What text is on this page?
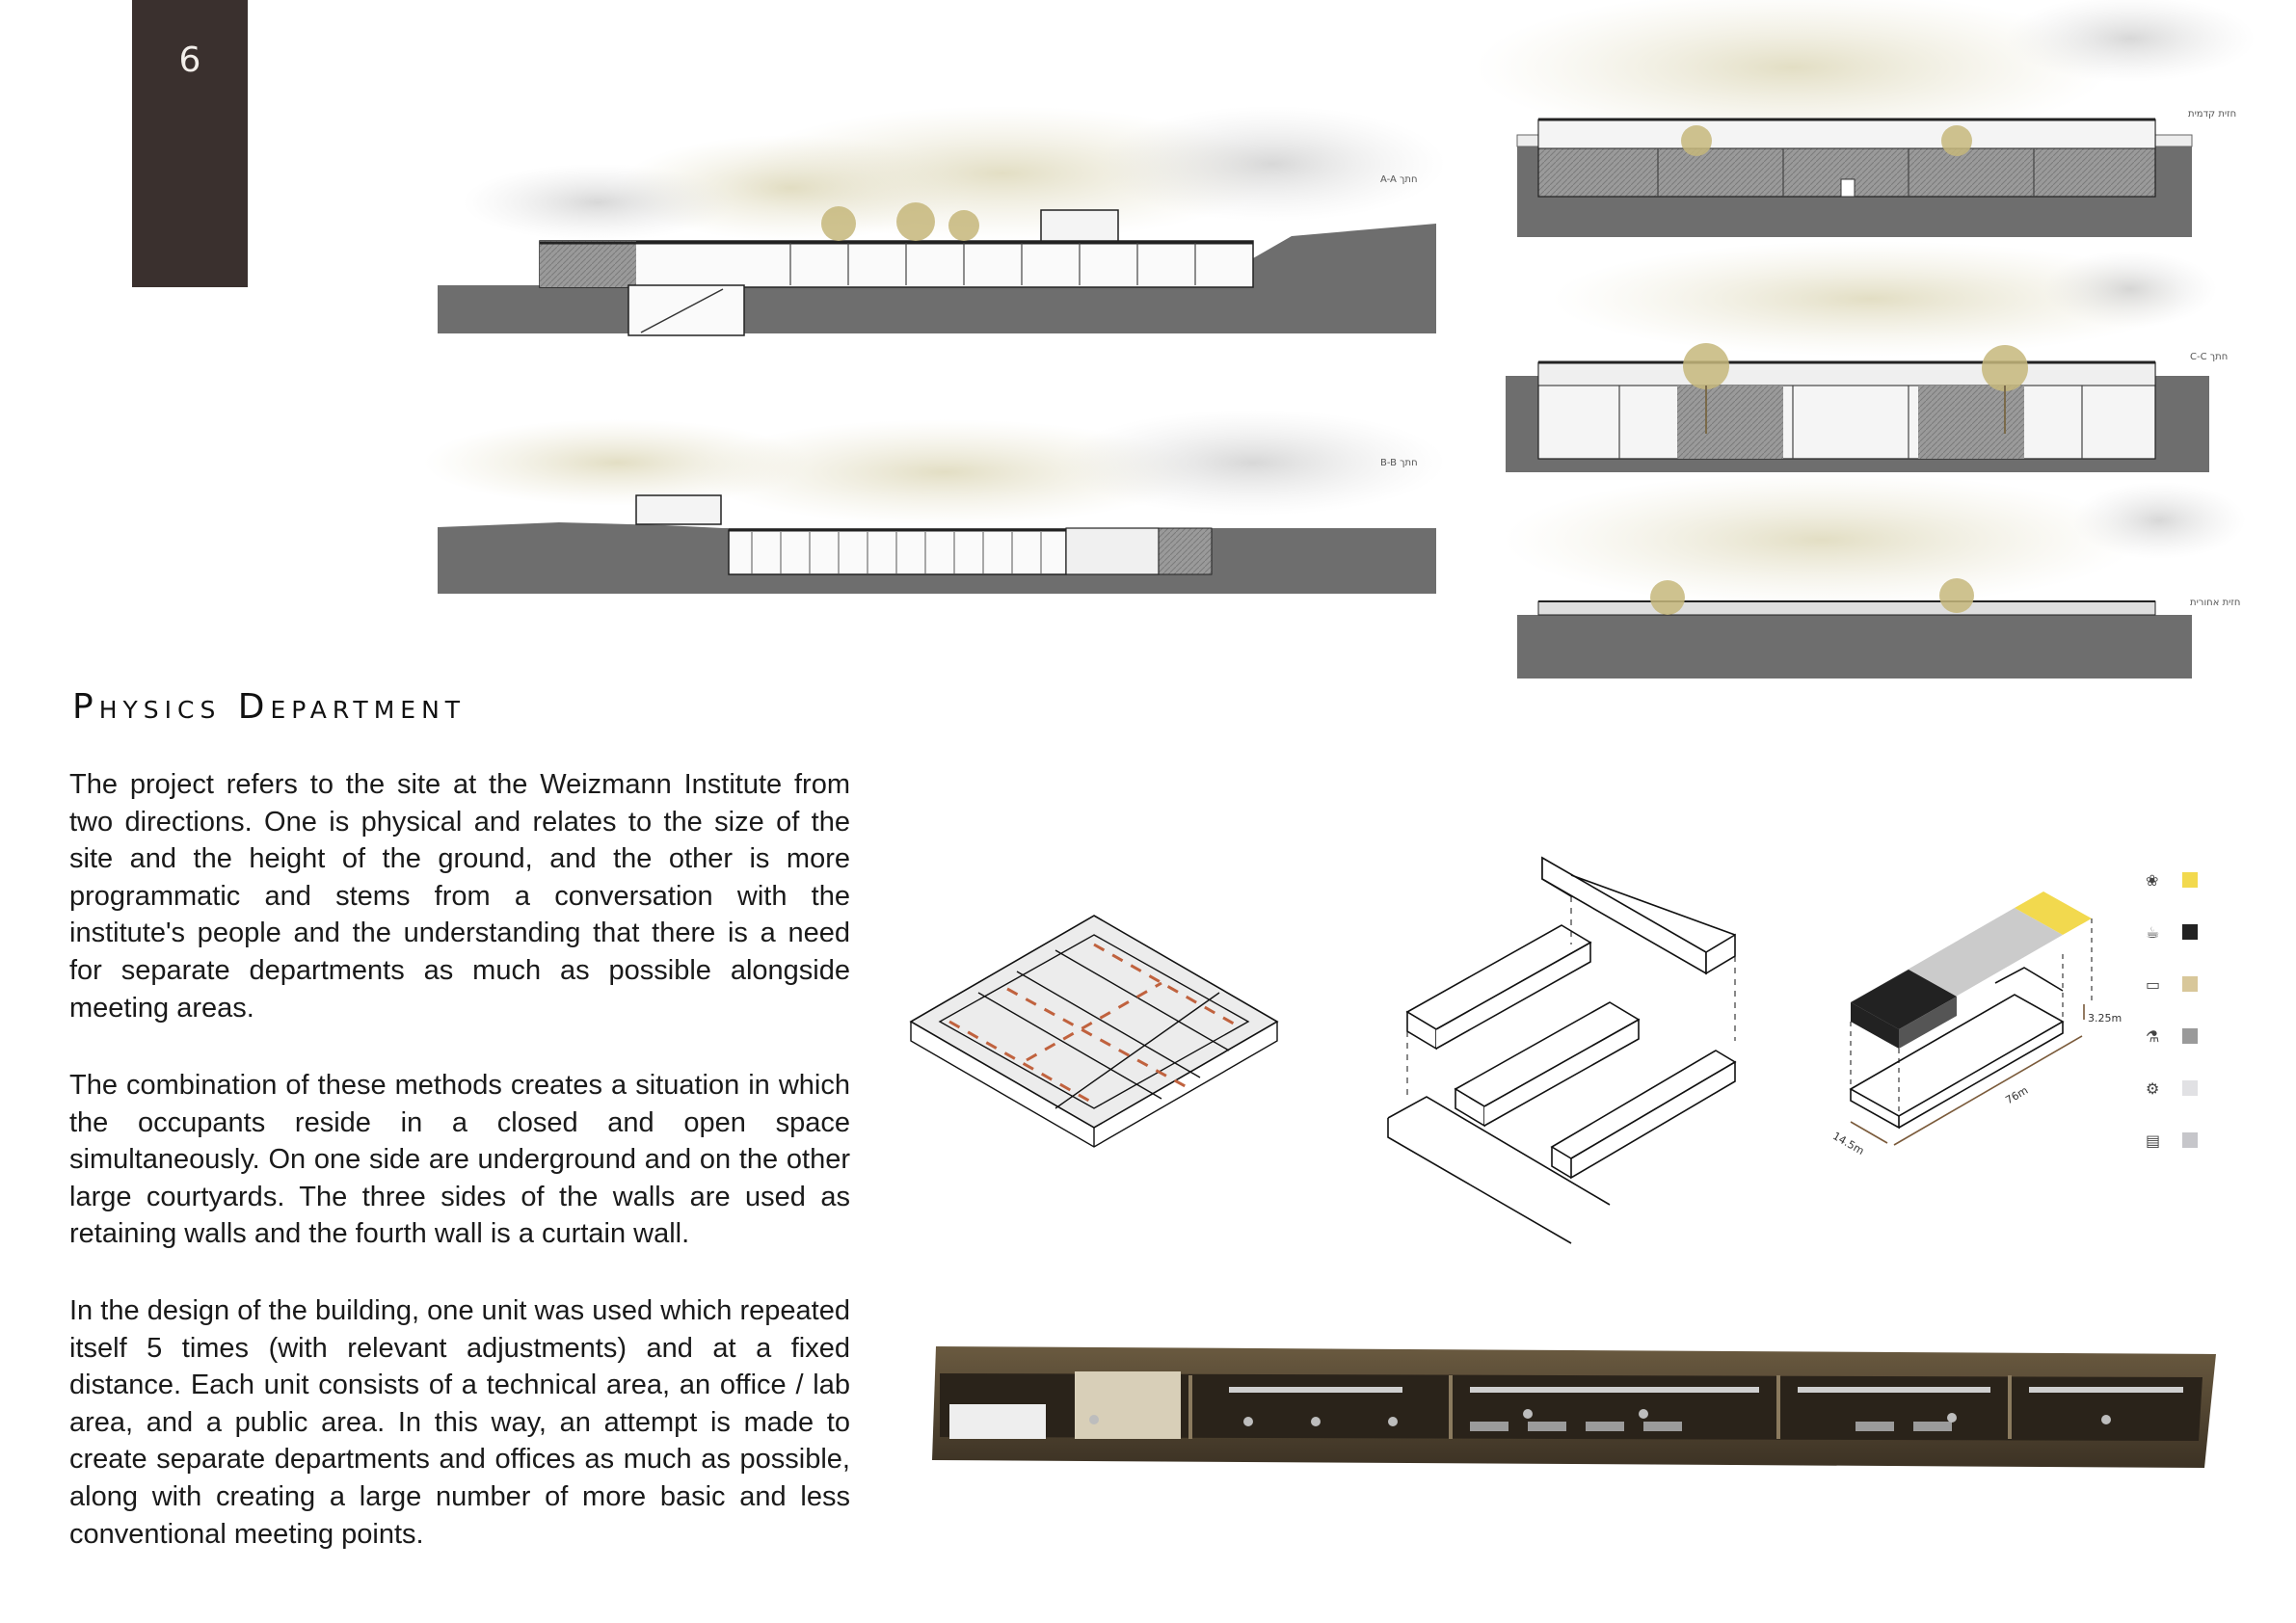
6
A-A חתך
B-B חתך
חזית קדמית
C-C חתך
חזית אחורית
Physics Department

The project refers to the site at the Weizmann Institute from two directions. One is physical and relates to the size of the site and the height of the ground, and the other is more programmatic and stems from a conversation with the institute's people and the understanding that there is a need for separate departments as much as possible alongside meeting areas.

The combination of these methods creates a situation in which the occupants reside in a closed and open space simultaneously. On one side are underground and on the other large courtyards. The three sides of the walls are used as retaining walls and the fourth wall is a curtain wall.

In the design of the building, one unit was used which repeated itself 5 times (with relevant adjustments) and at a fixed distance. Each unit consists of a technical area, an office / lab area, and a public area. In this way, an attempt is made to create separate departments and offices as much as possible, along with creating a large number of more basic and less conventional meeting points.

3.25m
76m
14.5m
❀
☕
▭
⚗
⚙
▤
